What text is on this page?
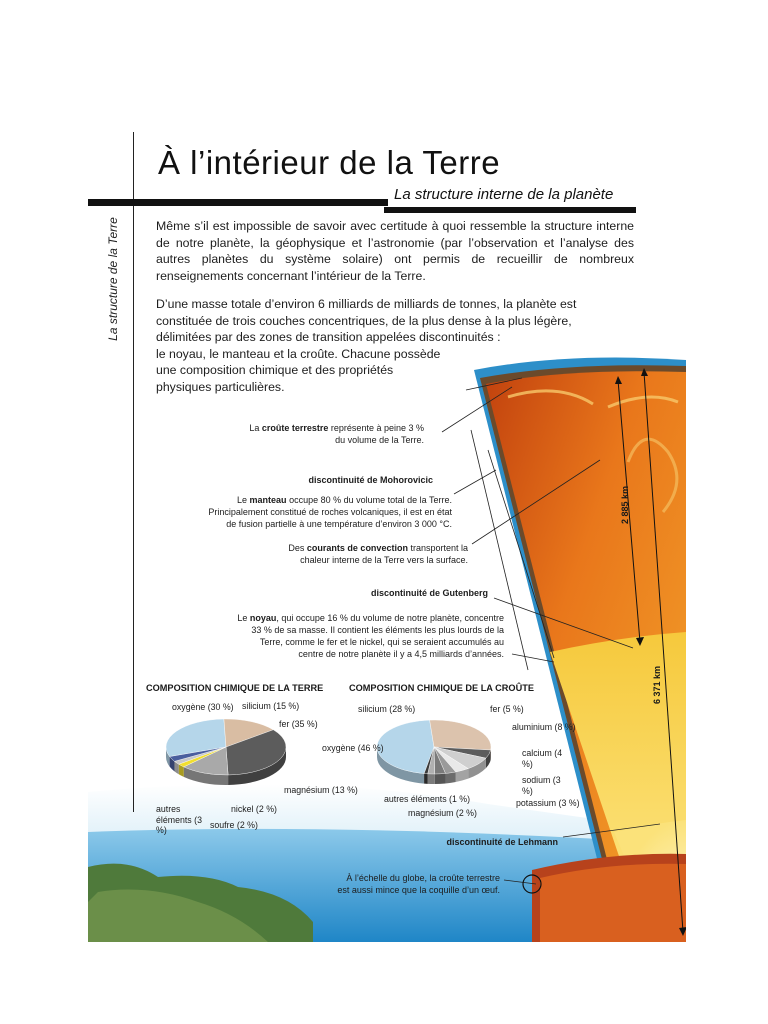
À l’intérieur de la Terre
La structure interne de la planète
La structure de la Terre	Même s’il est impossible de savoir avec certitude à quoi ressemble la structure interne de notre planète, la géophysique et l’astronomie (par l’observation et l’analyse des autres planètes du système solaire) ont permis de recueillir de nombreux renseignements concernant l’intérieur de la Terre.
D’une masse totale d’environ 6 milliards de milliards de tonnes, la planète est
constituée de trois couches concentriques, de la plus dense à la plus légère,
délimitées par des zones de transition appelées discontinuités :
le noyau, le manteau et la croûte. Chacune possède
une composition chimique et des propriétés
physiques particulières.
La croûte terrestre représente à peine 3 %
du volume de la Terre.
discontinuité de Mohorovicic
Le manteau occupe 80 % du volume total de la Terre.
Principalement constitué de roches volcaniques, il est en état
de fusion partielle à une température d’environ 3 000 °C.
Des courants de convection transportent la
chaleur interne de la Terre vers la surface.
discontinuité de Gutenberg
Le noyau, qui occupe 16 % du volume de notre planète, concentre
33 % de sa masse. Il contient les éléments les plus lourds de la
Terre, comme le fer et le nickel, qui se seraient accumulés au
centre de notre planète il y a 4,5 milliards d’années.
discontinuité de Lehmann
À l’échelle du globe, la croûte terrestre
est aussi mince que la coquille d’un œuf.
2 885 km
6 371 km
COMPOSITION CHIMIQUE DE LA TERRE	COMPOSITION CHIMIQUE DE LA CROÛTE
oxygène (30 %) silicium (15 %)
fer (35 %)
magnésium (13 %)
soufre (2 %)
nickel (2 %)
autres éléments (3 %)
silicium (28 %)
oxygène (46 %)
fer (5 %)
aluminium (8 %)
calcium (4 %)
sodium (3 %)
potassium (3 %)
magnésium (2 %)
autres éléments (1 %)
